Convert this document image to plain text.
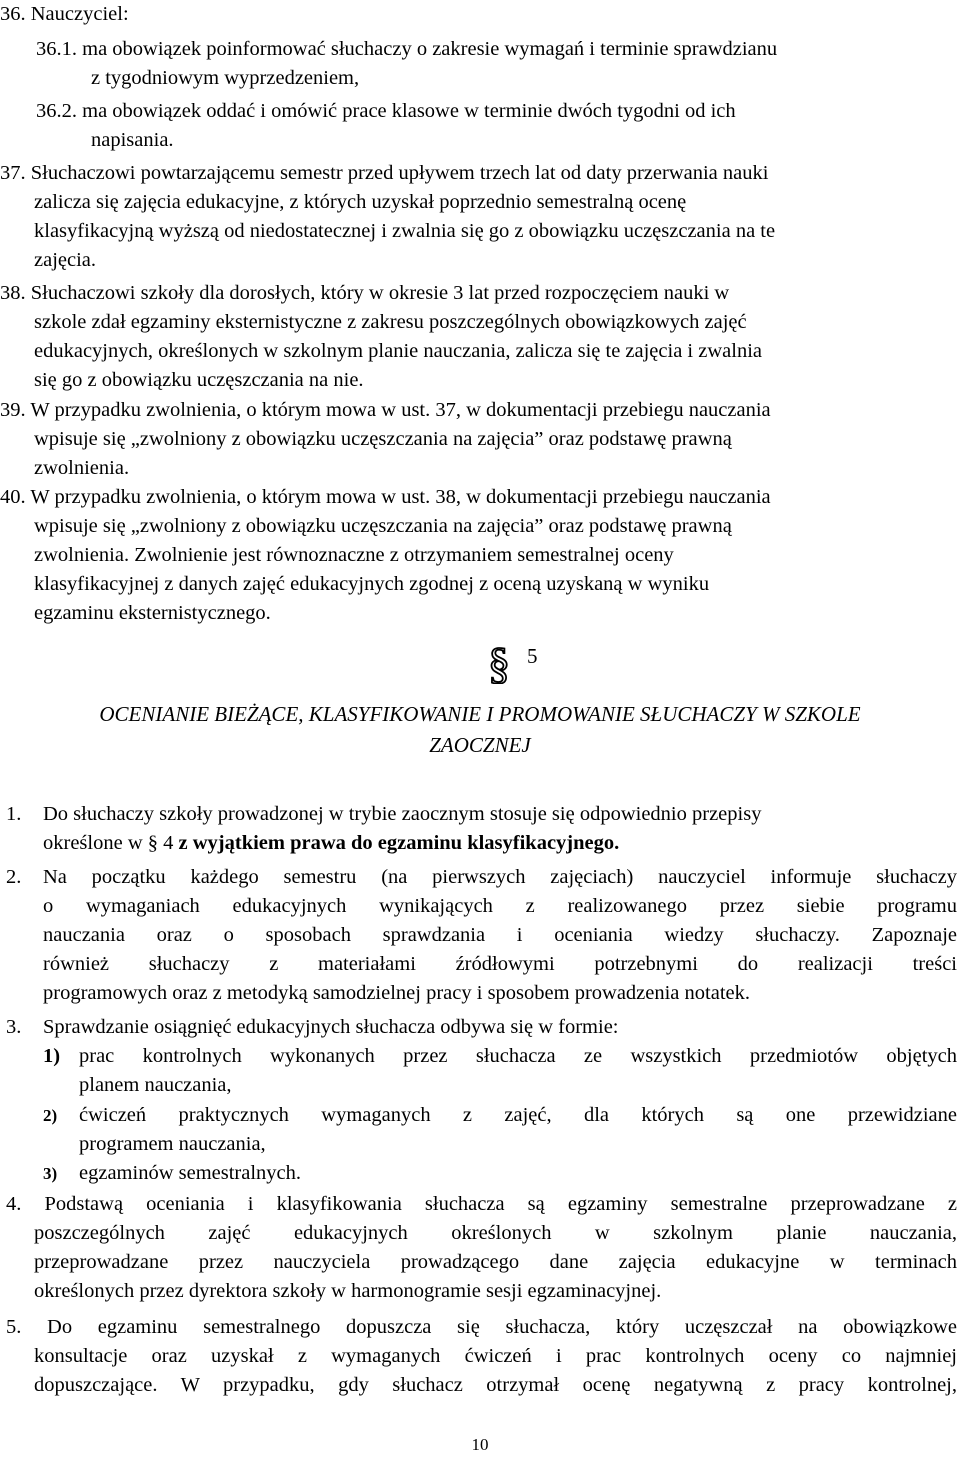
36. Nauczyciel:
36.1. ma obowiązek poinformować słuchaczy o zakresie wymagań i terminie sprawdzianu
z tygodniowym wyprzedzeniem,
36.2. ma obowiązek oddać i omówić prace klasowe w terminie dwóch tygodni od ich
napisania.
37. Słuchaczowi powtarzającemu semestr przed upływem trzech lat od daty przerwania nauki
zalicza się zajęcia edukacyjne, z których uzyskał poprzednio semestralną ocenę
klasyfikacyjną wyższą od niedostatecznej i zwalnia się go z obowiązku uczęszczania na te
zajęcia.
38. Słuchaczowi szkoły dla dorosłych, który w okresie 3 lat przed rozpoczęciem nauki w
szkole zdał egzaminy eksternistyczne z zakresu poszczególnych obowiązkowych zajęć
edukacyjnych, określonych w szkolnym planie nauczania, zalicza się te zajęcia i zwalnia
się go z obowiązku uczęszczania na nie.
39. W przypadku zwolnienia, o którym mowa w ust. 37, w dokumentacji przebiegu nauczania
wpisuje się „zwolniony z obowiązku uczęszczania na zajęcia” oraz podstawę prawną
zwolnienia.
40. W przypadku zwolnienia, o którym mowa w ust. 38, w dokumentacji przebiegu nauczania
wpisuje się „zwolniony z obowiązku uczęszczania na zajęcia” oraz podstawę prawną
zwolnienia. Zwolnienie jest równoznaczne z otrzymaniem semestralnej oceny
klasyfikacyjnej z danych zajęć edukacyjnych zgodnej z oceną uzyskaną w wyniku
egzaminu eksternistycznego.
§ 5
OCENIANIE BIEŻĄCE, KLASYFIKOWANIE I PROMOWANIE SŁUCHACZY W SZKOLE
ZAOCZNEJ
1. Do słuchaczy szkoły prowadzonej w trybie zaocznym stosuje się odpowiednio przepisy
określone w § 4 z wyjątkiem prawa do egzaminu klasyfikacyjnego.
2. Na początku każdego semestru (na pierwszych zajęciach) nauczyciel informuje słuchaczy
o wymaganiach edukacyjnych wynikających z realizowanego przez siebie programu
nauczania oraz o sposobach sprawdzania i oceniania wiedzy słuchaczy. Zapoznaje
również słuchaczy z materiałami źródłowymi potrzebnymi do realizacji treści
programowych oraz z metodyką samodzielnej pracy i sposobem prowadzenia notatek.
3. Sprawdzanie osiągnięć edukacyjnych słuchacza odbywa się w formie:
1) prac kontrolnych wykonanych przez słuchacza ze wszystkich przedmiotów objętych
planem nauczania,
2) ćwiczeń praktycznych wymaganych z zajęć, dla których są one przewidziane
programem nauczania,
3) egzaminów semestralnych.
4. Podstawą oceniania i klasyfikowania słuchacza są egzaminy semestralne przeprowadzane z
poszczególnych zajęć edukacyjnych określonych w szkolnym planie nauczania,
przeprowadzane przez nauczyciela prowadzącego dane zajęcia edukacyjne w terminach
określonych przez dyrektora szkoły w harmonogramie sesji egzaminacyjnej.
5. Do egzaminu semestralnego dopuszcza się słuchacza, który uczęszczał na obowiązkowe
konsultacje oraz uzyskał z wymaganych ćwiczeń i prac kontrolnych oceny co najmniej
dopuszczające. W przypadku, gdy słuchacz otrzymał ocenę negatywną z pracy kontrolnej,
10
